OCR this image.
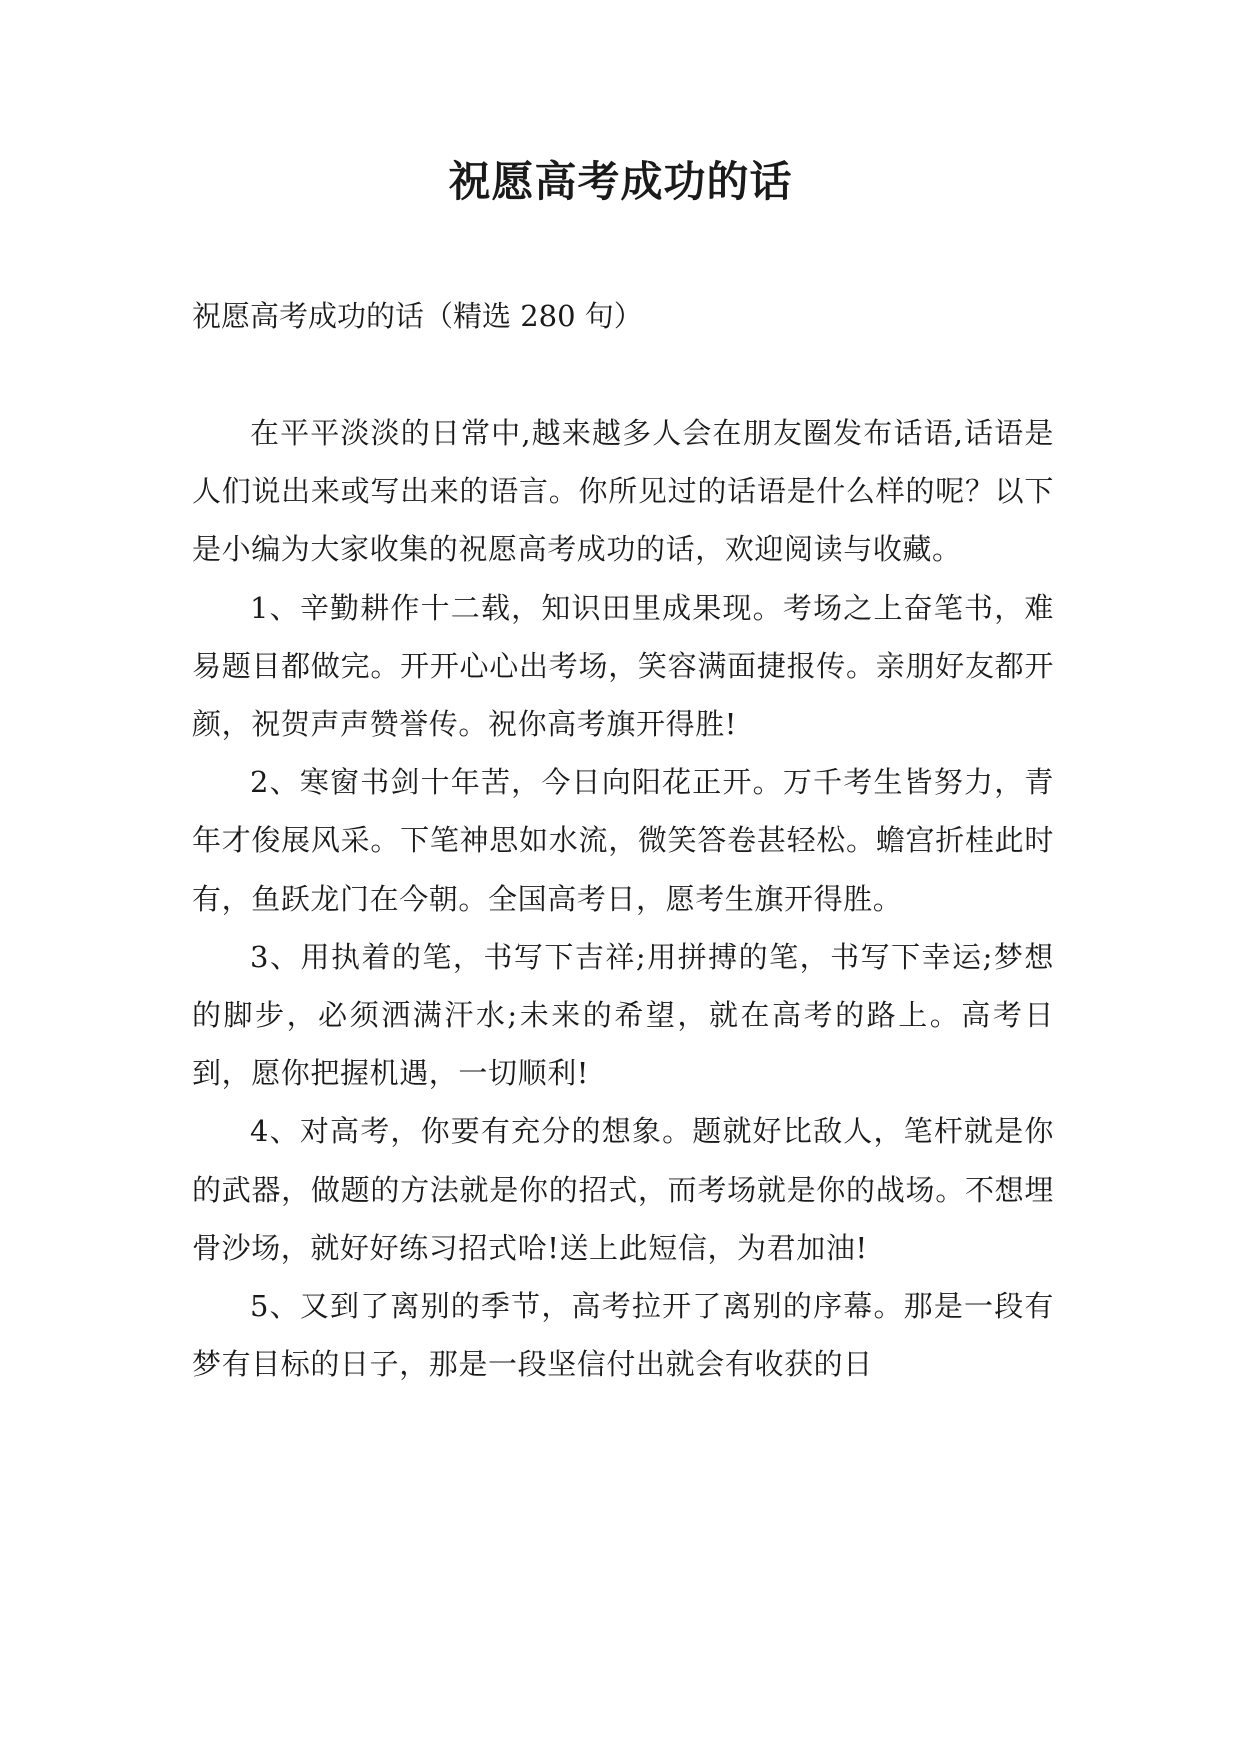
祝愿高考成功的话
祝愿高考成功的话（精选 280 句）

在平平淡淡的日常中,越来越多人会在朋友圈发布话语,话语是人们说出来或写出来的语言。你所见过的话语是什么样的呢？以下是小编为大家收集的祝愿高考成功的话，欢迎阅读与收藏。

1、辛勤耕作十二载，知识田里成果现。考场之上奋笔书，难易题目都做完。开开心心出考场，笑容满面捷报传。亲朋好友都开颜，祝贺声声赞誉传。祝你高考旗开得胜!

2、寒窗书剑十年苦，今日向阳花正开。万千考生皆努力，青年才俊展风采。下笔神思如水流，微笑答卷甚轻松。蟾宫折桂此时有，鱼跃龙门在今朝。全国高考日，愿考生旗开得胜。

3、用执着的笔，书写下吉祥;用拼搏的笔，书写下幸运;梦想的脚步，必须洒满汗水;未来的希望，就在高考的路上。高考日到，愿你把握机遇，一切顺利!

4、对高考，你要有充分的想象。题就好比敌人，笔杆就是你的武器，做题的方法就是你的招式，而考场就是你的战场。不想埋骨沙场，就好好练习招式哈!送上此短信，为君加油!

5、又到了离别的季节，高考拉开了离别的序幕。那是一段有梦有目标的日子，那是一段坚信付出就会有收获的日
